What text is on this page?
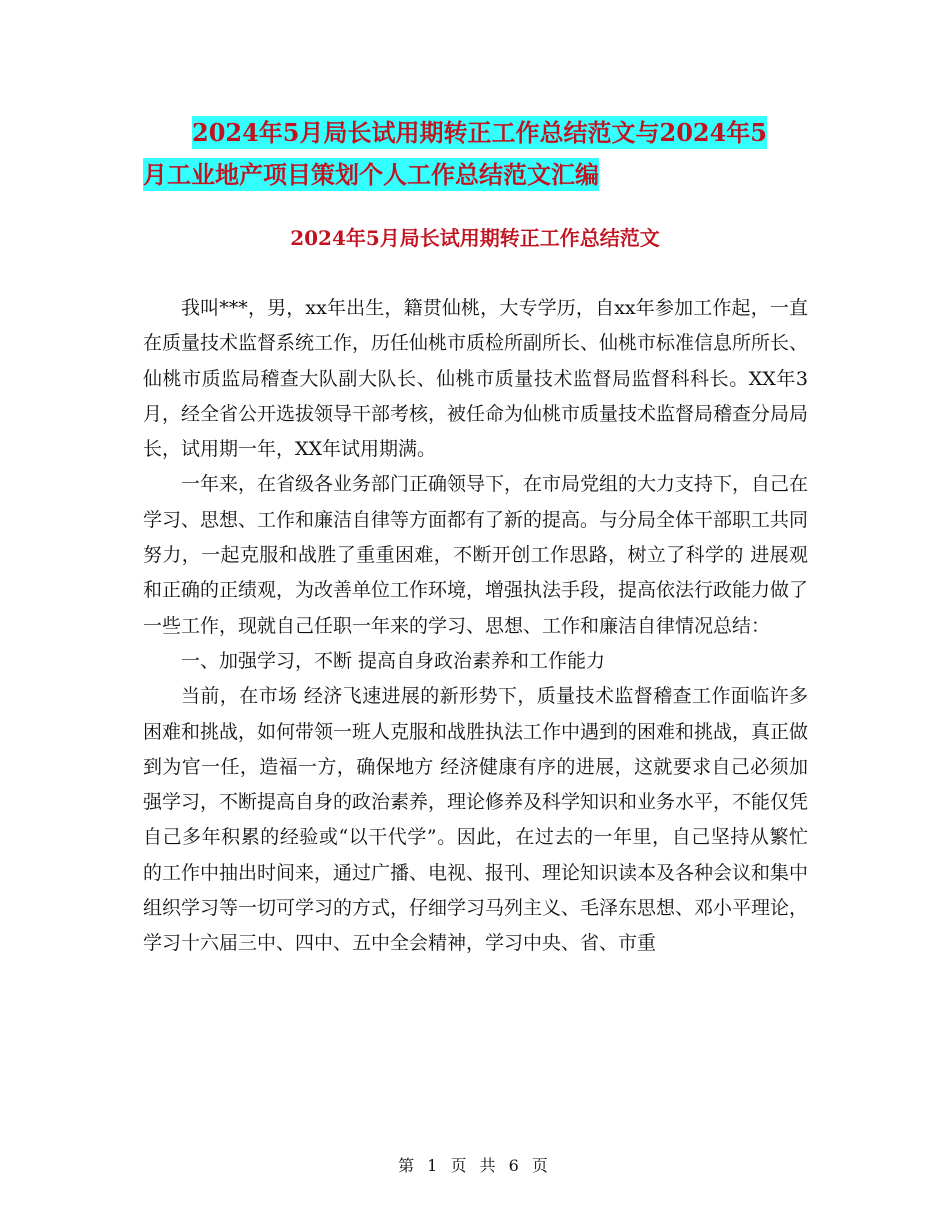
2024年5月局长试用期转正工作总结范文与2024年5
月工业地产项目策划个人工作总结范文汇编
2024年5月局长试用期转正工作总结范文

我叫***，男，xx年出生，籍贯仙桃，大专学历，自xx年参加工作起，一直在质量技术监督系统工作，历任仙桃市质检所副所长、仙桃市标准信息所所长、仙桃市质监局稽查大队副大队长、仙桃市质量技术监督局监督科科长。XX年3月，经全省公开选拔领导干部考核，被任命为仙桃市质量技术监督局稽查分局局长，试用期一年，XX年试用期满。

一年来，在省级各业务部门正确领导下，在市局党组的大力支持下，自己在学习、思想、工作和廉洁自律等方面都有了新的提高。与分局全体干部职工共同努力，一起克服和战胜了重重困难，不断开创工作思路，树立了科学的 进展观和正确的正绩观，为改善单位工作环境，增强执法手段，提高依法行政能力做了一些工作，现就自己任职一年来的学习、思想、工作和廉洁自律情况总结：

一、加强学习，不断 提高自身政治素养和工作能力

当前，在市场 经济飞速进展的新形势下，质量技术监督稽查工作面临许多困难和挑战，如何带领一班人克服和战胜执法工作中遇到的困难和挑战，真正做到为官一任，造福一方，确保地方 经济健康有序的进展，这就要求自己必须加强学习，不断提高自身的政治素养，理论修养及科学知识和业务水平，不能仅凭自己多年积累的经验或“以干代学”。因此，在过去的一年里，自己坚持从繁忙的工作中抽出时间来，通过广播、电视、报刊、理论知识读本及各种会议和集中组织学习等一切可学习的方式，仔细学习马列主义、毛泽东思想、邓小平理论，学习十六届三中、四中、五中全会精神，学习中央、省、市重

第 1 页 共 6 页
